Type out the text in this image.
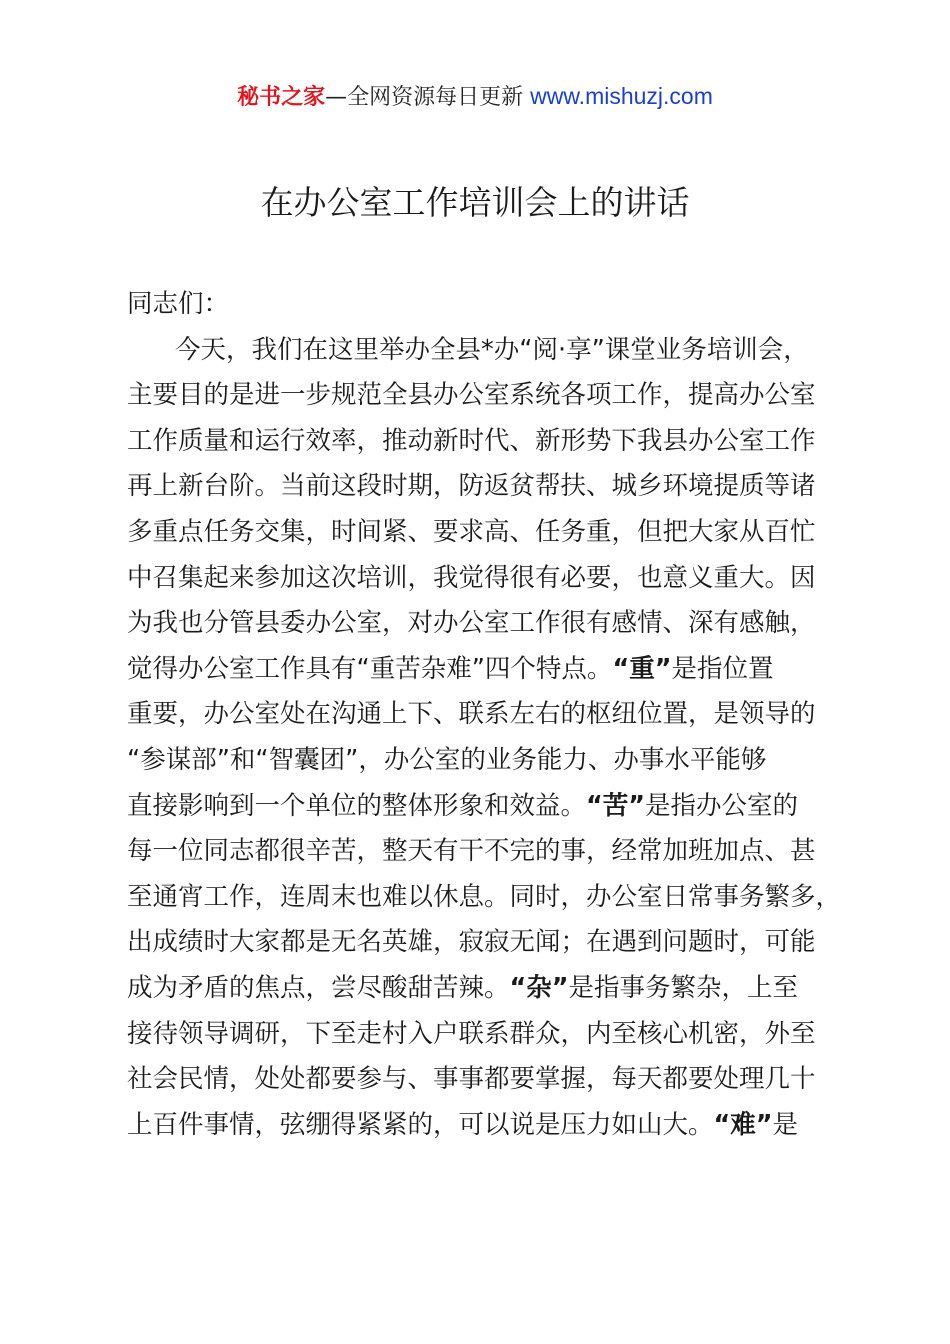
秘书之家—全网资源每日更新 www.mishuzj.com
在办公室工作培训会上的讲话
同志们：
今天，我们在这里举办全县*办“阅·享”课堂业务培训会，
主要目的是进一步规范全县办公室系统各项工作，提高办公室
工作质量和运行效率，推动新时代、新形势下我县办公室工作
再上新台阶。当前这段时期，防返贫帮扶、城乡环境提质等诸
多重点任务交集，时间紧、要求高、任务重，但把大家从百忙
中召集起来参加这次培训，我觉得很有必要，也意义重大。因
为我也分管县委办公室，对办公室工作很有感情、深有感触，
觉得办公室工作具有“重苦杂难”四个特点。“重”是指位置
重要，办公室处在沟通上下、联系左右的枢纽位置，是领导的
“参谋部”和“智囊团”，办公室的业务能力、办事水平能够
直接影响到一个单位的整体形象和效益。“苦”是指办公室的
每一位同志都很辛苦，整天有干不完的事，经常加班加点、甚
至通宵工作，连周末也难以休息。同时，办公室日常事务繁多，
出成绩时大家都是无名英雄，寂寂无闻；在遇到问题时，可能
成为矛盾的焦点，尝尽酸甜苦辣。“杂”是指事务繁杂，上至
接待领导调研，下至走村入户联系群众，内至核心机密，外至
社会民情，处处都要参与、事事都要掌握，每天都要处理几十
上百件事情，弦绷得紧紧的，可以说是压力如山大。“难”是
